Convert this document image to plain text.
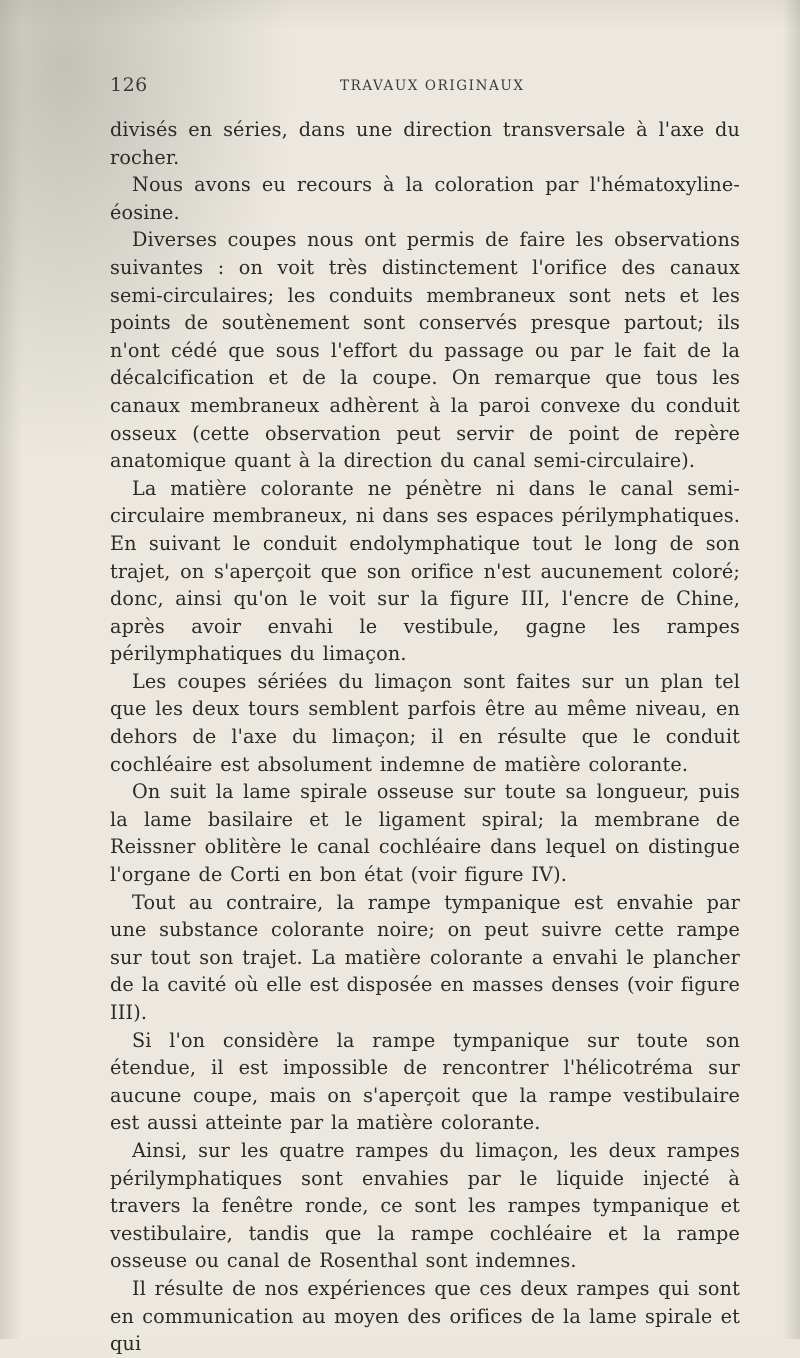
126	TRAVAUX ORIGINAUX

divisés en séries, dans une direction transversale à l'axe du rocher.

Nous avons eu recours à la coloration par l'hématoxyline-éosine.

Diverses coupes nous ont permis de faire les observations suivantes : on voit très distinctement l'orifice des canaux semi-circulaires; les conduits membraneux sont nets et les points de soutènement sont conservés presque partout; ils n'ont cédé que sous l'effort du passage ou par le fait de la décalcification et de la coupe. On remarque que tous les canaux membraneux adhèrent à la paroi convexe du conduit osseux (cette observation peut servir de point de repère anatomique quant à la direction du canal semi-circulaire).

La matière colorante ne pénètre ni dans le canal semi-circulaire membraneux, ni dans ses espaces périlymphatiques. En suivant le conduit endolymphatique tout le long de son trajet, on s'aperçoit que son orifice n'est aucunement coloré; donc, ainsi qu'on le voit sur la figure III, l'encre de Chine, après avoir envahi le vestibule, gagne les rampes périlymphatiques du limaçon.

Les coupes sériées du limaçon sont faites sur un plan tel que les deux tours semblent parfois être au même niveau, en dehors de l'axe du limaçon; il en résulte que le conduit cochléaire est absolument indemne de matière colorante.

On suit la lame spirale osseuse sur toute sa longueur, puis la lame basilaire et le ligament spiral; la membrane de Reissner oblitère le canal cochléaire dans lequel on distingue l'organe de Corti en bon état (voir figure IV).

Tout au contraire, la rampe tympanique est envahie par une substance colorante noire; on peut suivre cette rampe sur tout son trajet. La matière colorante a envahi le plancher de la cavité où elle est disposée en masses denses (voir figure III).

Si l'on considère la rampe tympanique sur toute son étendue, il est impossible de rencontrer l'hélicotréma sur aucune coupe, mais on s'aperçoit que la rampe vestibulaire est aussi atteinte par la matière colorante.

Ainsi, sur les quatre rampes du limaçon, les deux rampes périlymphatiques sont envahies par le liquide injecté à travers la fenêtre ronde, ce sont les rampes tympanique et vestibulaire, tandis que la rampe cochléaire et la rampe osseuse ou canal de Rosenthal sont indemnes.

Il résulte de nos expériences que ces deux rampes qui sont en communication au moyen des orifices de la lame spirale et qui
